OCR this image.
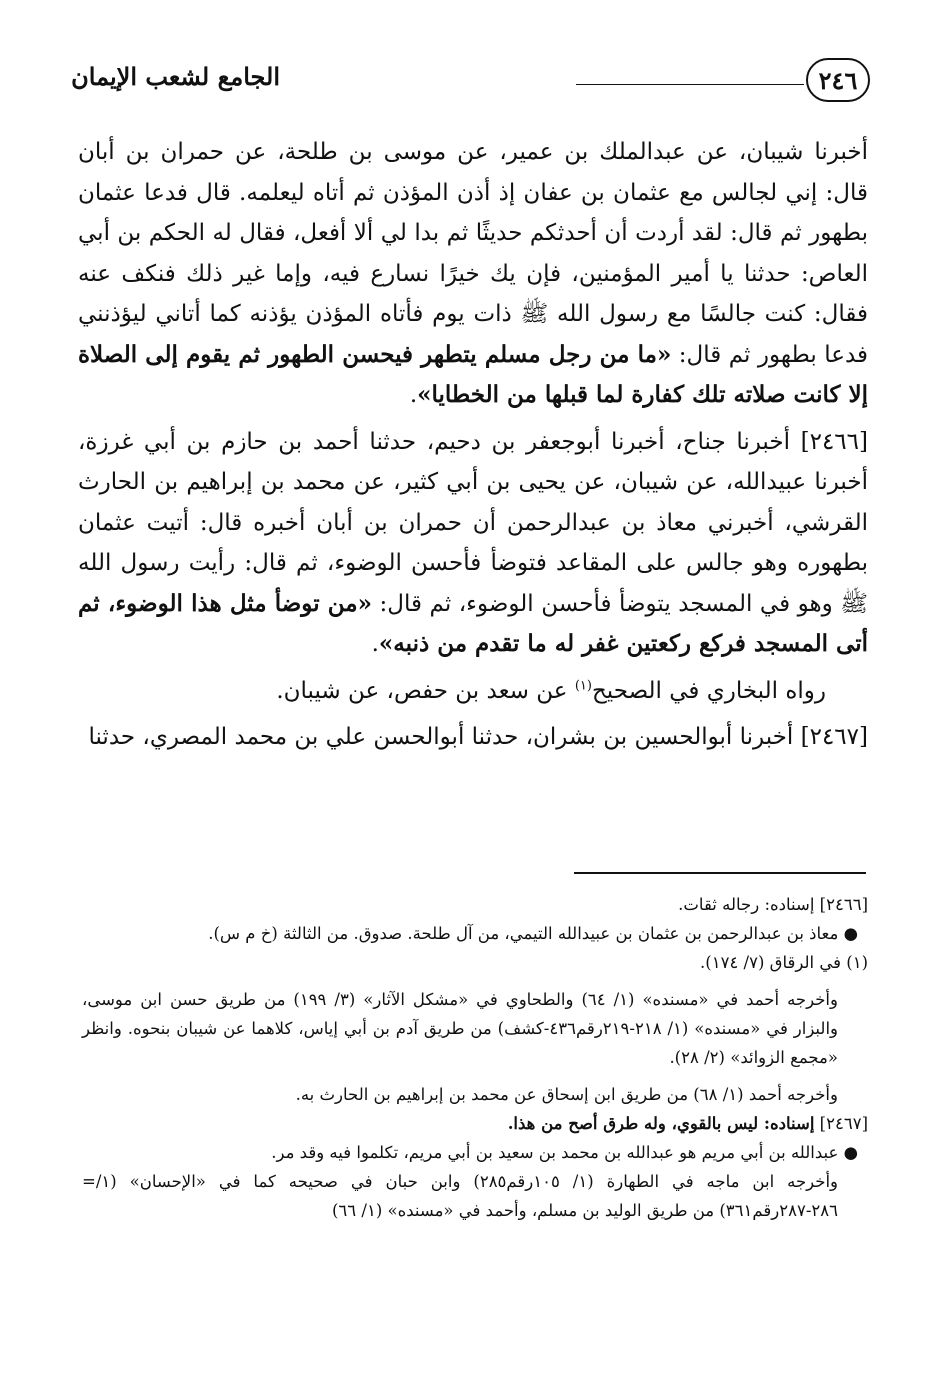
٢٤٦
الجامع لشعب الإيمان

أخبرنا شيبان، عن عبدالملك بن عمير، عن موسى بن طلحة، عن حمران بن أبان قال: إني لجالس مع عثمان بن عفان إذ أذن المؤذن ثم أتاه ليعلمه. قال فدعا عثمان بطهور ثم قال: لقد أردت أن أحدثكم حديثًا ثم بدا لي ألا أفعل، فقال له الحكم بن أبي العاص: حدثنا يا أمير المؤمنين، فإن يك خيرًا نسارع فيه، وإما غير ذلك فنكف عنه فقال: كنت جالسًا مع رسول الله ﷺ ذات يوم فأتاه المؤذن يؤذنه كما أتاني ليؤذنني فدعا بطهور ثم قال: «ما من رجل مسلم يتطهر فيحسن الطهور ثم يقوم إلى الصلاة إلا كانت صلاته تلك كفارة لما قبلها من الخطايا».

[٢٤٦٦] أخبرنا جناح، أخبرنا أبوجعفر بن دحيم، حدثنا أحمد بن حازم بن أبي غرزة، أخبرنا عبيدالله، عن شيبان، عن يحيى بن أبي كثير، عن محمد بن إبراهيم بن الحارث القرشي، أخبرني معاذ بن عبدالرحمن أن حمران بن أبان أخبره قال: أتيت عثمان بطهوره وهو جالس على المقاعد فتوضأ فأحسن الوضوء، ثم قال: رأيت رسول الله ﷺ وهو في المسجد يتوضأ فأحسن الوضوء، ثم قال: «من توضأ مثل هذا الوضوء، ثم أتى المسجد فركع ركعتين غفر له ما تقدم من ذنبه».

رواه البخاري في الصحيح$^{(١)}$ عن سعد بن حفص، عن شيبان.

[٢٤٦٧] أخبرنا أبوالحسين بن بشران، حدثنا أبوالحسن علي بن محمد المصري، حدثنا

[٢٤٦٦] إسناده: رجاله ثقات.

● معاذ بن عبدالرحمن بن عثمان بن عبيدالله التيمي، من آل طلحة. صدوق. من الثالثة (خ م س).

(١) في الرقاق (٧/ ١٧٤).

وأخرجه أحمد في «مسنده» (١/ ٦٤) والطحاوي في «مشكل الآثار» (٣/ ١٩٩) من طريق حسن ابن موسى، والبزار في «مسنده» (١/ ٢١٨-٢١٩رقم٤٣٦-كشف) من طريق آدم بن أبي إياس، كلاهما عن شيبان بنحوه. وانظر «مجمع الزوائد» (٢/ ٢٨).

وأخرجه أحمد (١/ ٦٨) من طريق ابن إسحاق عن محمد بن إبراهيم بن الحارث به.

[٢٤٦٧] إسناده: ليس بالقوي، وله طرق أصح من هذا.

● عبدالله بن أبي مريم هو عبدالله بن محمد بن سعيد بن أبي مريم، تكلموا فيه وقد مر.

= وأخرجه ابن ماجه في الطهارة (١/ ١٠٥رقم٢٨٥) وابن حبان في صحيحه كما في «الإحسان» (١/ ٢٨٦-٢٨٧رقم٣٦١) من طريق الوليد بن مسلم، وأحمد في «مسنده» (١/ ٦٦)
